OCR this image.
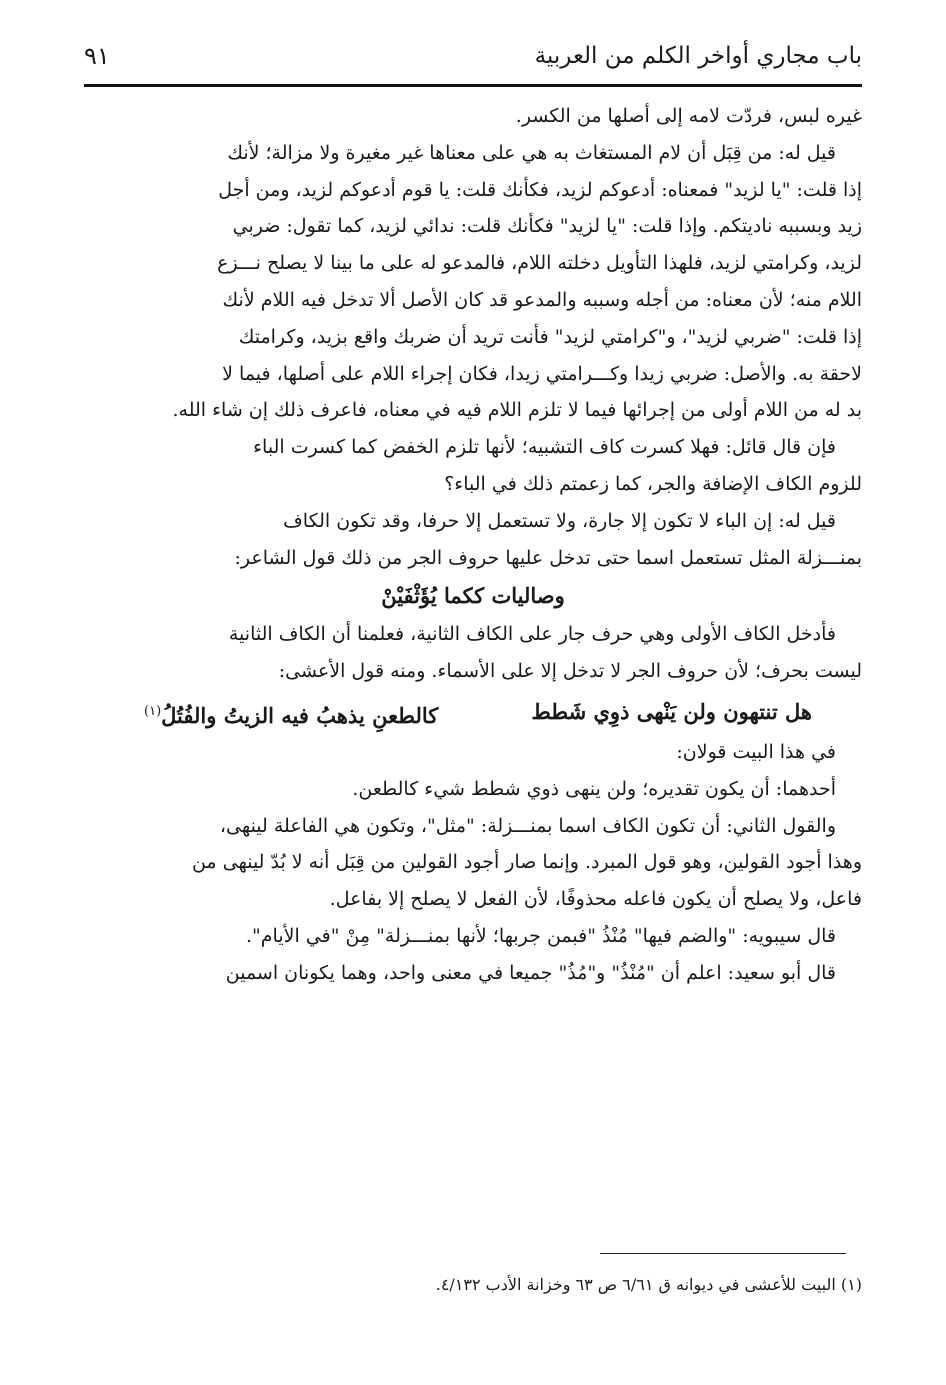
باب مجاري أواخر الكلم من العربية
٩١
غيره لبس، فردّت لامه إلى أصلها من الكسر.
قيل له: من قِبَل أن لام المستغاث به هي على معناها غير مغيرة ولا مزالة؛ لأنك
إذا قلت: "يا لزيد" فمعناه: أدعوكم لزيد، فكأنك قلت: يا قوم أدعوكم لزيد، ومن أجل
زيد وبسببه ناديتكم. وإذا قلت: "يا لزيد" فكأنك قلت: ندائي لزيد، كما تقول: ضربي
لزيد، وكرامتي لزيد، فلهذا التأويل دخلته اللام، فالمدعو له على ما بينا لا يصلح نـــزع
اللام منه؛ لأن معناه: من أجله وسببه والمدعو قد كان الأصل ألا تدخل فيه اللام لأنك
إذا قلت: "ضربي لزيد"، و"كرامتي لزيد" فأنت تريد أن ضربك واقع بزيد، وكرامتك
لاحقة به. والأصل: ضربي زيدا وكـــرامتي زيدا، فكان إجراء اللام على أصلها، فيما لا
بد له من اللام أولى من إجرائها فيما لا تلزم اللام فيه في معناه، فاعرف ذلك إن شاء الله.
فإن قال قائل: فهلا كسرت كاف التشبيه؛ لأنها تلزم الخفض كما كسرت الباء
للزوم الكاف الإضافة والجر، كما زعمتم ذلك في الباء؟
قيل له: إن الباء لا تكون إلا جارة، ولا تستعمل إلا حرفا، وقد تكون الكاف
بمنـــزلة المثل تستعمل اسما حتى تدخل عليها حروف الجر من ذلك قول الشاعر:
وصاليات ككما يُؤَثْفَيْنْ
فأدخل الكاف الأولى وهي حرف جار على الكاف الثانية، فعلمنا أن الكاف الثانية
ليست بحرف؛ لأن حروف الجر لا تدخل إلا على الأسماء. ومنه قول الأعشى:
هل تنتهون ولن يَنْهى ذوِي شَطط
كالطعنِ يذهبُ فيه الزيتُ والفُتُلُ$^{(١)}$
في هذا البيت قولان:
أحدهما: أن يكون تقديره؛ ولن ينهى ذوي شطط شيء كالطعن.
والقول الثاني: أن تكون الكاف اسما بمنـــزلة: "مثل"، وتكون هي الفاعلة لينهى،
وهذا أجود القولين، وهو قول المبرد. وإنما صار أجود القولين من قِبَل أنه لا بُدّ لينهى من
فاعل، ولا يصلح أن يكون فاعله محذوفًا، لأن الفعل لا يصلح إلا بفاعل.
قال سيبويه: "والضم فيها" مُنْذُ "فبمن جربها؛ لأنها بمنـــزلة" مِنْ "في الأيام".
قال أبو سعيد: اعلم أن "مُنْذُ" و"مُذُ" جميعا في معنى واحد، وهما يكونان اسمين
(١) البيت للأعشى في ديوانه ق ٦/٦١ ص ٦٣ وخزانة الأدب ٤/١٣٢.
